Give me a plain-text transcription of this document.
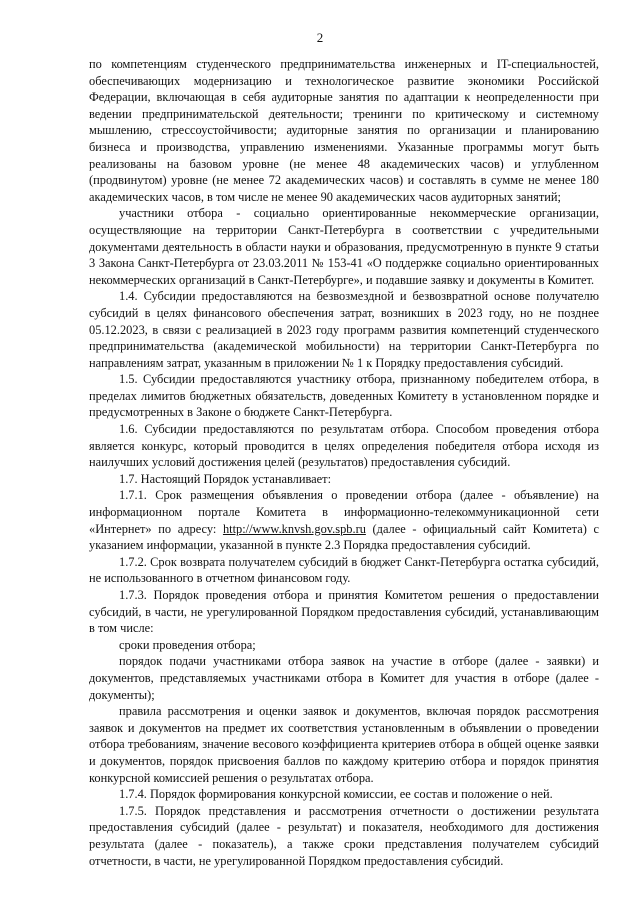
2

по компетенциям студенческого предпринимательства инженерных и IT-специальностей, обеспечивающих модернизацию и технологическое развитие экономики Российской Федерации, включающая в себя аудиторные занятия по адаптации к неопределенности при ведении предпринимательской деятельности; тренинги по критическому и системному мышлению, стрессоустойчивости; аудиторные занятия по организации и планированию бизнеса и производства, управлению изменениями. Указанные программы могут быть реализованы на базовом уровне (не менее 48 академических часов) и углубленном (продвинутом) уровне (не менее 72 академических часов) и составлять в сумме не менее 180 академических часов, в том числе не менее 90 академических часов аудиторных занятий;

участники отбора - социально ориентированные некоммерческие организации, осуществляющие на территории Санкт-Петербурга в соответствии с учредительными документами деятельность в области науки и образования, предусмотренную в пункте 9 статьи 3 Закона Санкт-Петербурга от 23.03.2011 № 153-41 «О поддержке социально ориентированных некоммерческих организаций в Санкт-Петербурге», и подавшие заявку и документы в Комитет.

1.4. Субсидии предоставляются на безвозмездной и безвозвратной основе получателю субсидий в целях финансового обеспечения затрат, возникших в 2023 году, но не позднее 05.12.2023, в связи с реализацией в 2023 году программ развития компетенций студенческого предпринимательства (академической мобильности) на территории Санкт-Петербурга по направлениям затрат, указанным в приложении № 1 к Порядку предоставления субсидий.

1.5. Субсидии предоставляются участнику отбора, признанному победителем отбора, в пределах лимитов бюджетных обязательств, доведенных Комитету в установленном порядке и предусмотренных в Законе о бюджете Санкт-Петербурга.

1.6. Субсидии предоставляются по результатам отбора. Способом проведения отбора является конкурс, который проводится в целях определения победителя отбора исходя из наилучших условий достижения целей (результатов) предоставления субсидий.

1.7. Настоящий Порядок устанавливает:

1.7.1. Срок размещения объявления о проведении отбора (далее - объявление) на информационном портале Комитета в информационно-телекоммуникационной сети «Интернет» по адресу: http://www.knvsh.gov.spb.ru (далее - официальный сайт Комитета) с указанием информации, указанной в пункте 2.3 Порядка предоставления субсидий.

1.7.2. Срок возврата получателем субсидий в бюджет Санкт-Петербурга остатка субсидий, не использованного в отчетном финансовом году.

1.7.3. Порядок проведения отбора и принятия Комитетом решения о предоставлении субсидий, в части, не урегулированной Порядком предоставления субсидий, устанавливающим в том числе:

сроки проведения отбора;

порядок подачи участниками отбора заявок на участие в отборе (далее - заявки) и документов, представляемых участниками отбора в Комитет для участия в отборе (далее - документы);

правила рассмотрения и оценки заявок и документов, включая порядок рассмотрения заявок и документов на предмет их соответствия установленным в объявлении о проведении отбора требованиям, значение весового коэффициента критериев отбора в общей оценке заявки и документов, порядок присвоения баллов по каждому критерию отбора и порядок принятия конкурсной комиссией решения о результатах отбора.

1.7.4. Порядок формирования конкурсной комиссии, ее состав и положение о ней.

1.7.5. Порядок представления и рассмотрения отчетности о достижении результата предоставления субсидий (далее - результат) и показателя, необходимого для достижения результата (далее - показатель), а также сроки представления получателем субсидий отчетности, в части, не урегулированной Порядком предоставления субсидий.
